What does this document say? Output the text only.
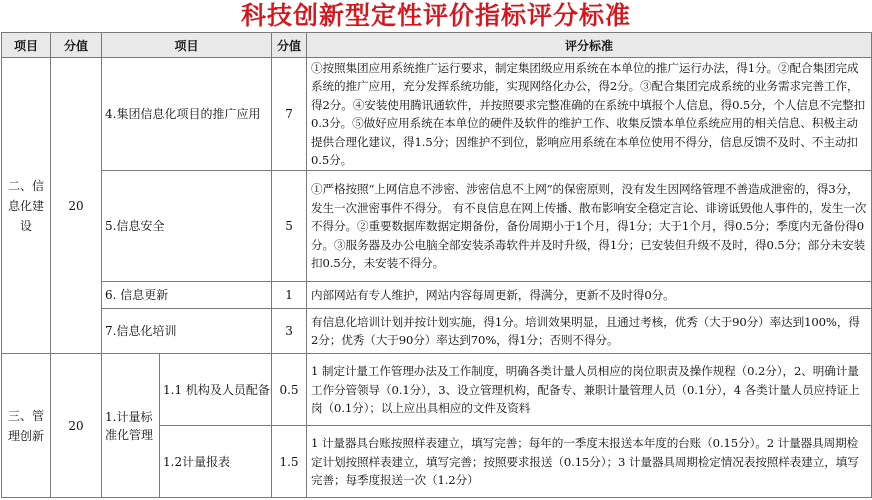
科技创新型定性评价指标评分标准
项目	分值	项目		分值	评分标准
二、信息化建设	20	4.集团信息化项目的推广应用		7	①按照集团应用系统推广运行要求，制定集团级应用系统在本单位的推广运行办法，得1分。②配合集团完成系统的推广应用，充分发挥系统功能，实现网络化办公，得2分。③配合集团完成系统的业务需求完善工作，得2分。④安装使用腾讯通软件，并按照要求完整准确的在系统中填报个人信息，得0.5分，个人信息不完整扣0.3分。⑤做好应用系统在本单位的硬件及软件的维护工作、收集反馈本单位系统应用的相关信息、积极主动提供合理化建议，得1.5分；因维护不到位，影响应用系统在本单位使用不得分，信息反馈不及时、不主动扣0.5分。
		5.信息安全		5	①严格按照“上网信息不涉密、涉密信息不上网”的保密原则，没有发生因网络管理不善造成泄密的，得3分，发生一次泄密事件不得分。 有不良信息在网上传播、散布影响安全稳定言论、诽谤诋毁他人事件的，发生一次不得分。②重要数据库数据定期备份，备份周期小于1个月，得1分；大于1个月，得0.5分；季度内无备份得0分。③服务器及办公电脑全部安装杀毒软件并及时升级，得1分；已安装但升级不及时，得0.5分；部分未安装扣0.5分，未安装不得分。
		6. 信息更新		1	内部网站有专人维护，网站内容每周更新，得满分，更新不及时得0分。
		7.信息化培训		3	有信息化培训计划并按计划实施，得1分。培训效果明显，且通过考核，优秀（大于90分）率达到100%，得2分；优秀（大于90分）率达到70%，得1分；否则不得分。
三、管理创新	20	1.计量标准化管理	1.1 机构及人员配备	0.5	1 制定计量工作管理办法及工作制度，明确各类计量人员相应的岗位职责及操作规程（0.2分），2、明确计量工作分管领导（0.1分），3、设立管理机构，配备专、兼职计量管理人员（0.1分），4 各类计量人员应持证上岗（0.1分）；以上应出具相应的文件及资料
			1.2计量报表	1.5	1 计量器具台账按照样表建立，填写完善；每年的一季度末报送本年度的台账（0.15分）。2 计量器具周期检定计划按照样表建立，填写完善；按照要求报送（0.15分）；3 计量器具周期检定情况表按照样表建立，填写完善；每季度报送一次（1.2分）
